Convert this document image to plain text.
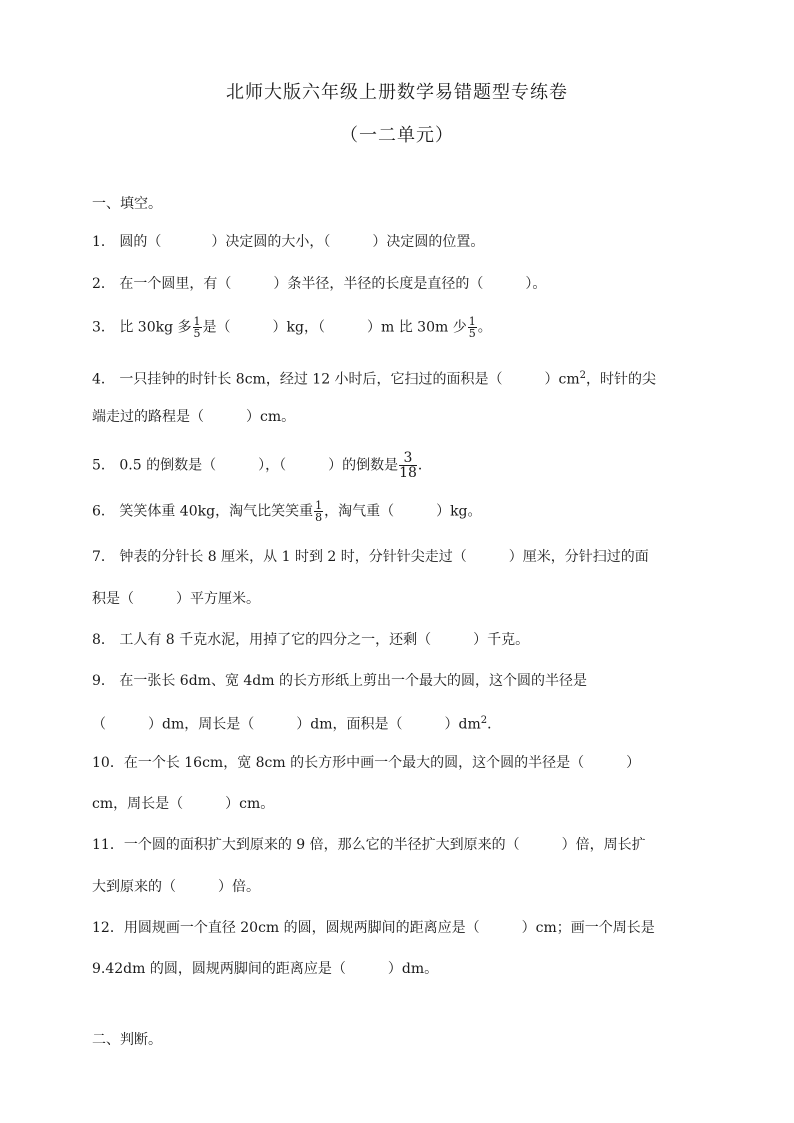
北师大版六年级上册数学易错题型专练卷
（一二单元）
一、填空。
1． 圆的（	）决定圆的大小，（	）决定圆的位置。
2． 在一个圆里，有（	）条半径，半径的长度是直径的（	）。
3． 比 30kg 多 $\frac{1}{5}$ 是（	）kg，（	）m 比 30m 少 $\frac{1}{5}$ 。
4． 一只挂钟的时针长 8cm，经过 12 小时后，它扫过的面积是（	）$cm^2$，时针的尖
端走过的路程是（	）cm。
5． 0.5 的倒数是（	），（	）的倒数是 $\frac{3}{18}$ ．
6． 笑笑体重 40kg，淘气比笑笑重 $\frac{1}{8}$ ，淘气重（	）kg。
7． 钟表的分针长 8 厘米，从 1 时到 2 时，分针针尖走过（	）厘米，分针扫过的面
积是（	）平方厘米。
8． 工人有 8 千克水泥，用掉了它的四分之一，还剩（	）千克。
9． 在一张长 6dm、宽 4dm 的长方形纸上剪出一个最大的圆，这个圆的半径是
（	）dm，周长是（	）dm，面积是（	）$dm^2$．
10．在一个长 16cm，宽 8cm 的长方形中画一个最大的圆，这个圆的半径是（	）
cm，周长是（	）cm。
11．一个圆的面积扩大到原来的 9 倍，那么它的半径扩大到原来的（	）倍，周长扩
大到原来的（	）倍。
12．用圆规画一个直径 20cm 的圆，圆规两脚间的距离应是（	）cm；画一个周长是
9.42dm 的圆，圆规两脚间的距离应是（	）dm。
二、判断。
